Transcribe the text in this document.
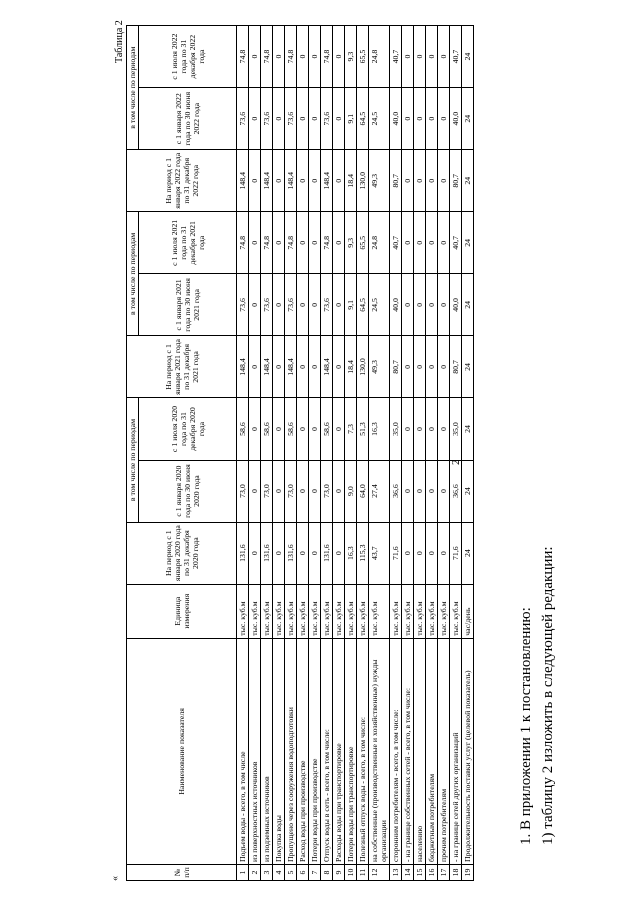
2
1. В приложении 1 к постановлению: 1) таблицу 2 изложить в следующей редакции:
«
Таблица 2
№ п/п	Наименование показателя	Единица измерения	На период с 1 января 2020 года по 31 декабря 2020 года	в том числе по периодам		На период с 1 января 2021 года по 31 декабря 2021 года	в том числе по периодам		На период с 1 января 2022 года по 31 декабря 2022 года	в том числе по периодам	
				с 1 января 2020 года по 30 июня 2020 года	с 1 июля 2020 года по 31 декабря 2020 года		с 1 января 2021 года по 30 июня 2021 года	с 1 июля 2021 года по 31 декабря 2021 года		с 1 января 2022 года по 30 июня 2022 года	с 1 июля 2022 года по 31 декабря 2022 года
1	Подъем воды - всего, в том числе	тыс. куб.м	131,6	73,0	58,6	148,4	73,6	74,8	148,4	73,6	74,8
2	из поверхностных источников	тыс. куб.м	0	0	0	0	0	0	0	0	0
3	из подземных источников	тыс. куб.м	131,6	73,0	58,6	148,4	73,6	74,8	148,4	73,6	74,8
4	Покупка воды	тыс. куб.м	0	0	0	0	0	0	0	0	0
5	Пропущено через сооружения водоподготовки	тыс. куб.м	131,6	73,0	58,6	148,4	73,6	74,8	148,4	73,6	74,8
6	Расход воды при производстве	тыс. куб.м	0	0	0	0	0	0	0	0	0
7	Потери воды при производстве	тыс. куб.м	0	0	0	0	0	0	0	0	0
8	Отпуск воды в сеть - всего, в том числе:	тыс. куб.м	131,6	73,0	58,6	148,4	73,6	74,8	148,4	73,6	74,8
9	Расходы воды при транспортировке	тыс. куб.м	0	0	0	0	0	0	0	0	0
10	Потери воды при транспортировке	тыс. куб.м	16,3	9,0	7,3	18,4	9,1	9,3	18,4	9,1	9,3
11	Полезный отпуск воды - всего, в том числе:	тыс. куб.м	115,3	64,0	51,3	130,0	64,5	65,5	130,0	64,5	65,5
12	на собственные (производственные и хозяйственные) нужды организации	тыс. куб.м	43,7	27,4	16,3	49,3	24,5	24,8	49,3	24,5	24,8
13	сторонним потребителям - всего, в том числе:	тыс. куб.м	71,6	36,6	35,0	80,7	40,0	40,7	80,7	40,0	40,7
14	- на границе собственных сетей - всего, в том числе:	тыс. куб.м	0	0	0	0	0	0	0	0	0
15	населению	тыс. куб.м	0	0	0	0	0	0	0	0	0
16	бюджетным потребителям	тыс. куб.м	0	0	0	0	0	0	0	0	0
17	прочим потребителям	тыс. куб.м	0	0	0	0	0	0	0	0	0
18	- на границе сетей других организаций	тыс. куб.м	71,6	36,6	35,0	80,7	40,0	40,7	80,7	40,0	40,7
19	Продолжительность поставки услуг (целевой показатель)	час/день	24	24	24	24	24	24	24	24	24
